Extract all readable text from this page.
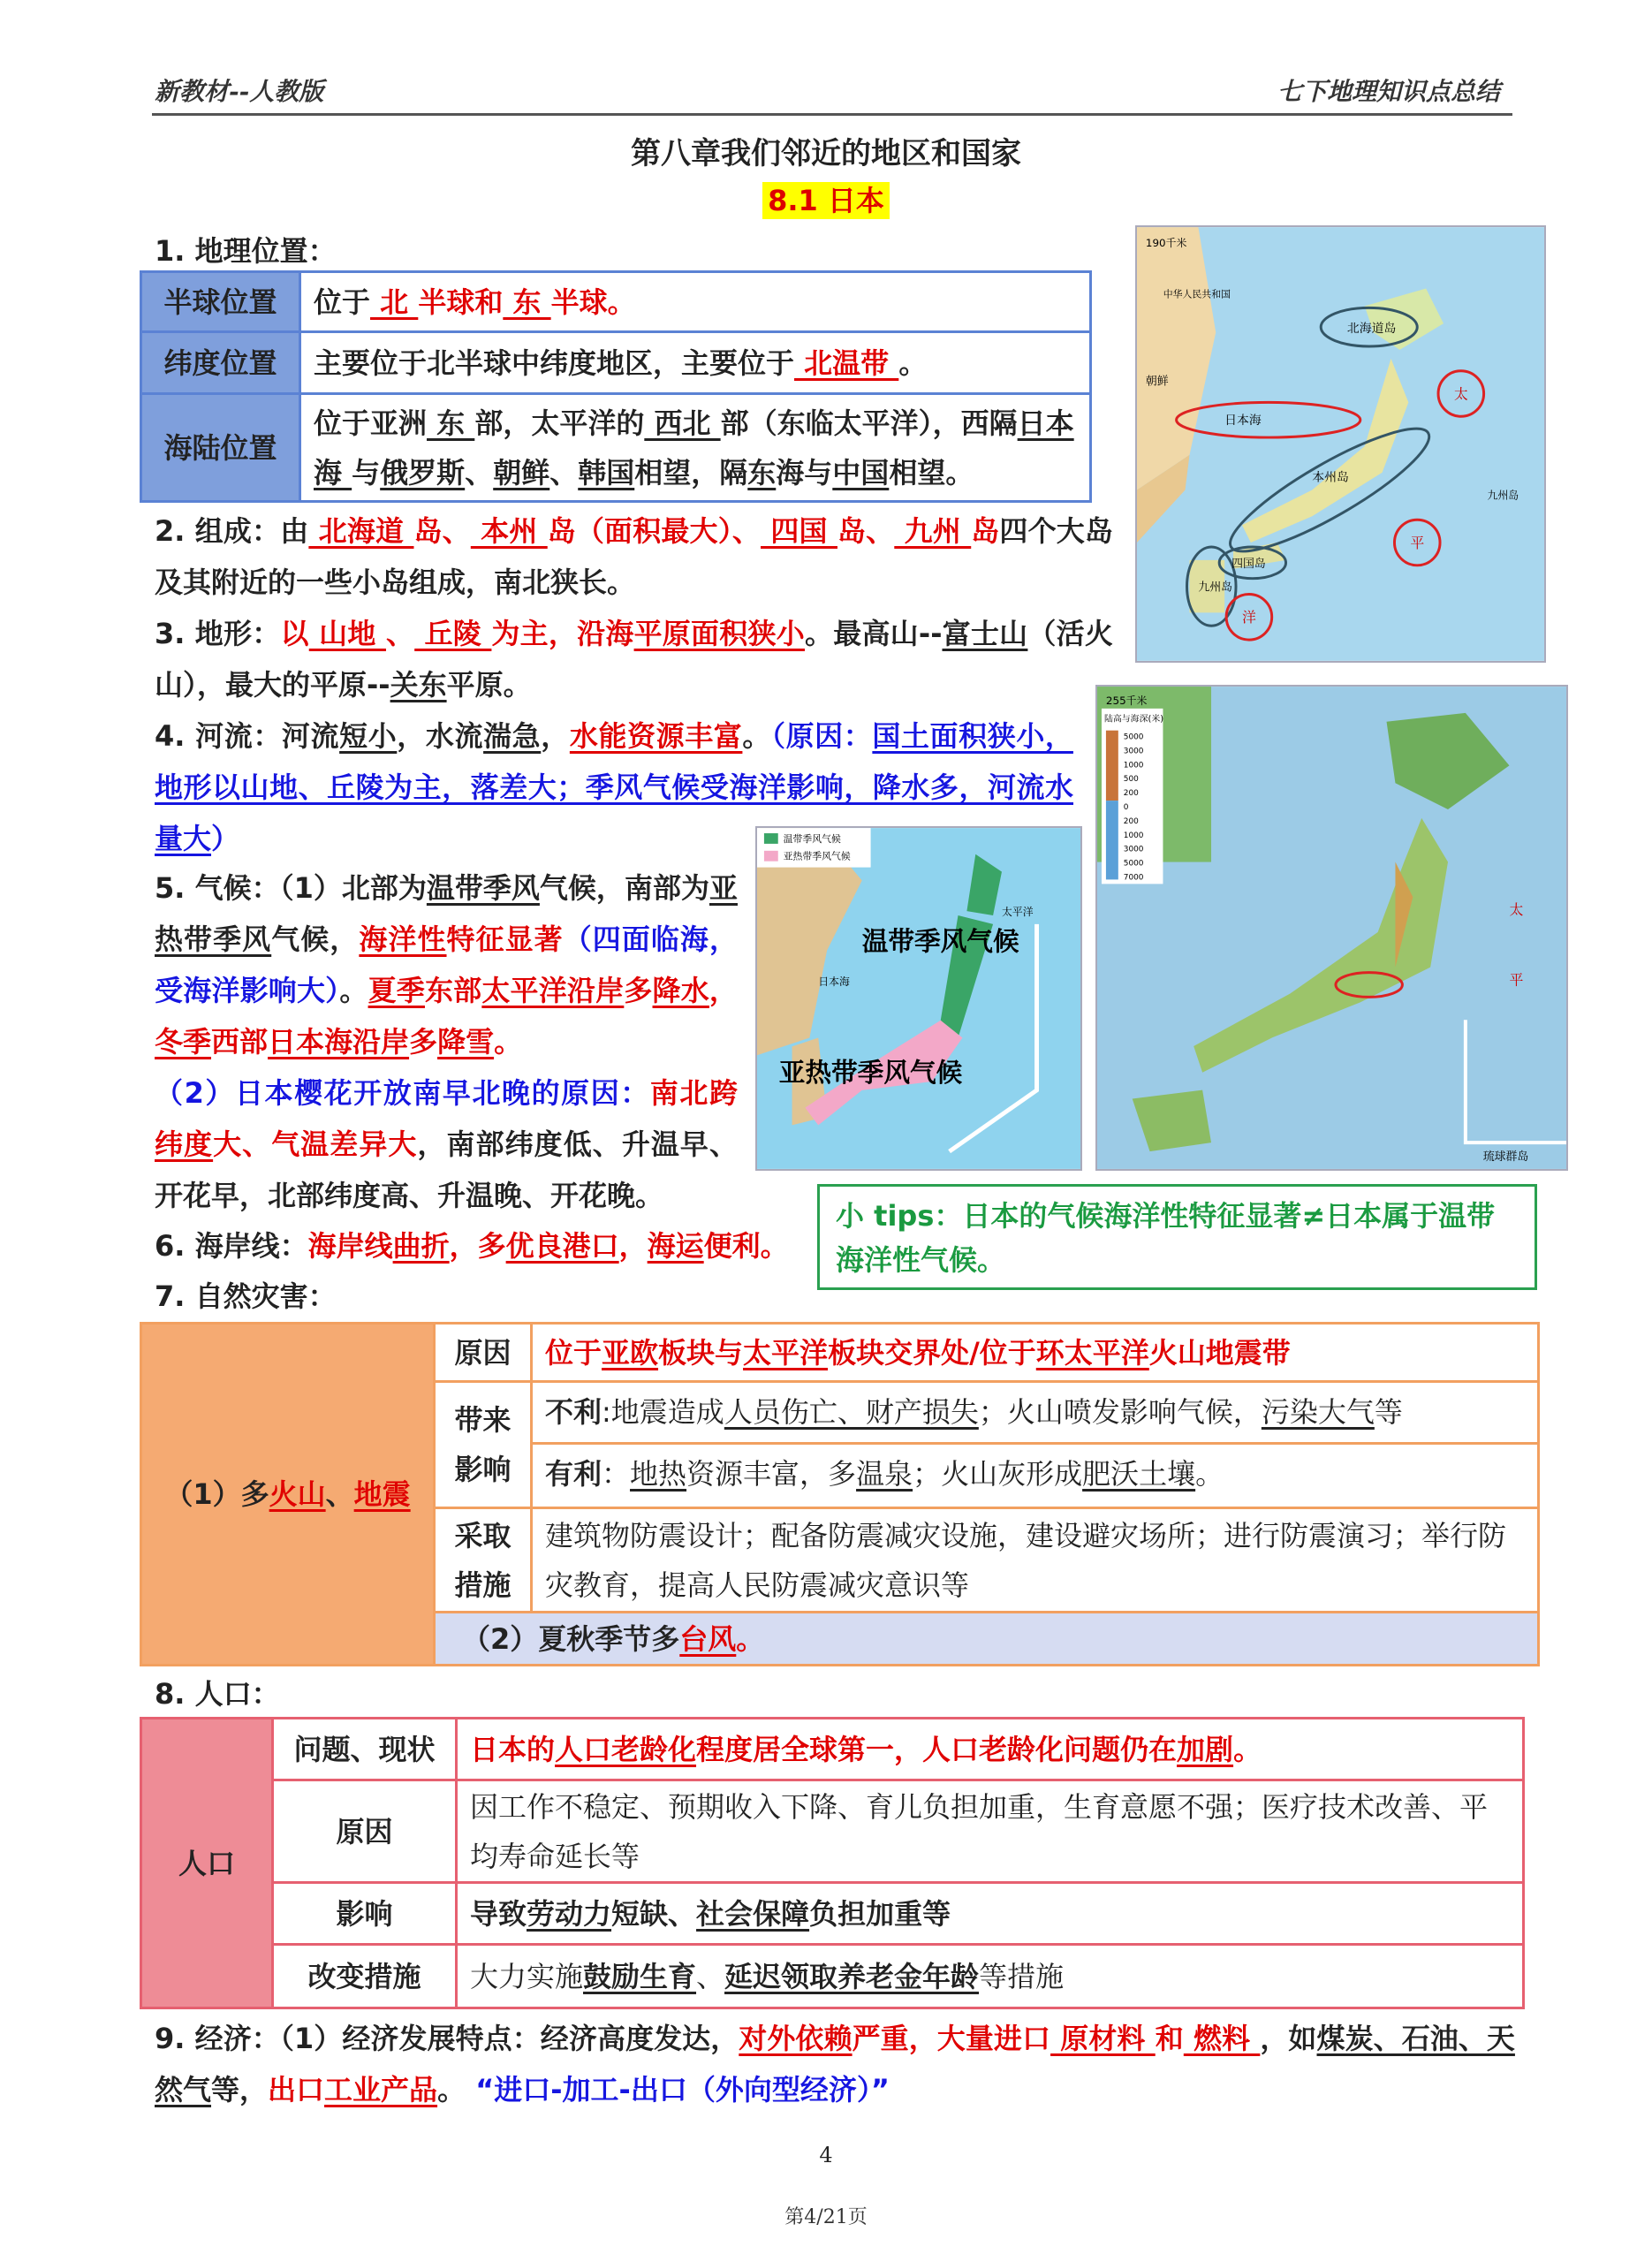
新教材--人教版	七下地理知识点总结
第八章我们邻近的地区和国家
8.1 日本
1. 地理位置：
半球位置	位于 北 半球和 东 半球。
纬度位置	主要位于北半球中纬度地区，主要位于 北温带 。
海陆位置	位于亚洲 东 部，太平洋的 西北 部（东临太平洋），西隔日本海 与俄罗斯、朝鲜、韩国相望，隔东海与中国相望。
2. 组成：由 北海道 岛、 本州 岛（面积最大）、 四国 岛、 九州 岛四个大岛及其附近的一些小岛组成，南北狭长。
3. 地形：以 山地 、 丘陵 为主，沿海平原面积狭小。最高山--富士山（活火山），最大的平原--关东平原。
4. 河流：河流短小，水流湍急，水能资源丰富。（原因：国土面积狭小，地形以山地、丘陵为主，落差大；季风气候受海洋影响，降水多，河流水量大）
5. 气候：（1）北部为温带季风气候，南部为亚热带季风气候，海洋性特征显著（四面临海，受海洋影响大）。夏季东部太平洋沿岸多降水，冬季西部日本海沿岸多降雪。
（2）日本樱花开放南早北晚的原因：南北跨纬度大、气温差异大，南部纬度低、升温早、开花早，北部纬度高、升温晚、开花晚。
6. 海岸线：海岸线曲折，多优良港口，海运便利。
190千米
北海道岛
日本海
本州岛
四国岛
九州岛
太
平
洋
朝鲜
中华人民共和国
九州岛
255千米
陆高与海深(米)
5000
3000
1000
500
200
0
200
1000
3000
5000
7000
琉球群岛
太
平
温带季风气候
亚热带季风气候
温带季风气候
亚热带季风气候
日本海
太平洋
小 tips：日本的气候海洋性特征显著≠日本属于温带海洋性气候。
7. 自然灾害：
（1）多火山、地震	原因	位于亚欧板块与太平洋板块交界处/位于环太平洋火山地震带
	带来影响	不利:地震造成人员伤亡、财产损失；火山喷发影响气候，污染大气等
有利：地热资源丰富，多温泉；火山灰形成肥沃土壤。

	采取措施	建筑物防震设计；配备防震减灾设施，建设避灾场所；进行防震演习；举行防灾教育，提高人民防震减灾意识等
	（2）夏秋季节多台风。	
8. 人口：
人口	问题、现状	日本的人口老龄化程度居全球第一，人口老龄化问题仍在加剧。
	原因	因工作不稳定、预期收入下降、育儿负担加重，生育意愿不强；医疗技术改善、平均寿命延长等
	影响	导致劳动力短缺、社会保障负担加重等
	改变措施	大力实施鼓励生育、延迟领取养老金年龄等措施
9. 经济：（1）经济发展特点：经济高度发达，对外依赖严重，大量进口 原材料 和 燃料 ，如煤炭、石油、天然气等，出口工业产品。 “进口-加工-出口（外向型经济）”
4
第4/21页
